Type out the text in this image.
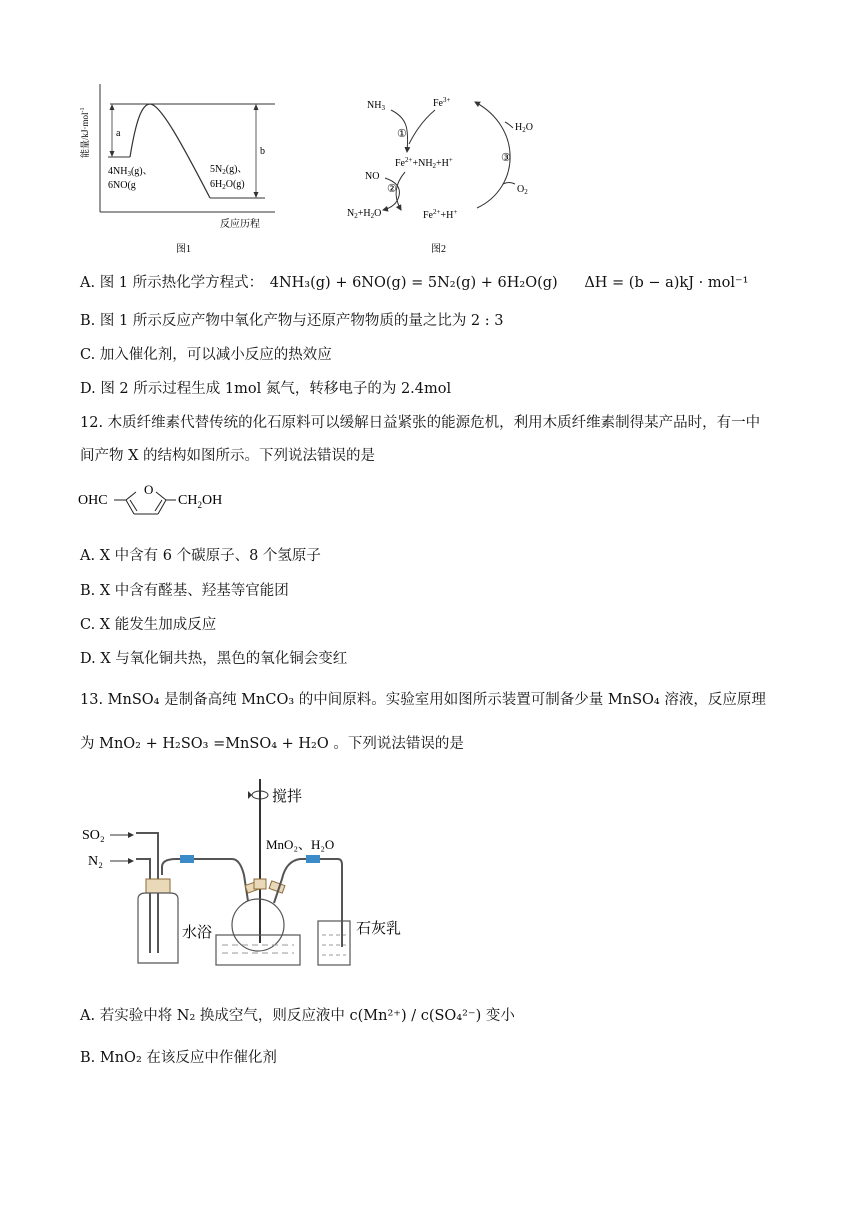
a
b
能量/kJ·mol$^{-1}$
$4NH_3(g)$、
6NO(g
$5N_2(g)$、
$6H_2O(g)$
反应历程
图1
$NH_3$	$Fe^{3+}$
①
$Fe^{2+}+NH_2+H^+$
NO
②
$N_2+H_2O$	$Fe^{2+}+H^+$
$H_2O$
③
$O_2$
图2
A. 图 1 所示热化学方程式： 4NH₃(g) + 6NO(g) = 5N₂(g) + 6H₂O(g) ΔH = (b − a)kJ · mol⁻¹
B. 图 1 所示反应产物中氧化产物与还原产物物质的量之比为 2 : 3
C. 加入催化剂，可以减小反应的热效应
D. 图 2 所示过程生成 1mol 氮气，转移电子的为 2.4mol
12. 木质纤维素代替传统的化石原料可以缓解日益紧张的能源危机，利用木质纤维素制得某产品时，有一中
间产物 X 的结构如图所示。下列说法错误的是
OHC
O
$CH_2OH$
A. X 中含有 6 个碳原子、8 个氢原子
B. X 中含有醛基、羟基等官能团
C. X 能发生加成反应
D. X 与氧化铜共热，黑色的氧化铜会变红
13. MnSO₄ 是制备高纯 MnCO₃ 的中间原料。实验室用如图所示装置可制备少量 MnSO₄ 溶液，反应原理
为 MnO₂ + H₂SO₃ =MnSO₄ + H₂O 。下列说法错误的是
搅拌
SO₂
N₂
MnO₂、H₂O
水浴	石灰乳
A. 若实验中将 N₂ 换成空气，则反应液中 c(Mn²⁺) / c(SO₄²⁻) 变小
B. MnO₂ 在该反应中作催化剂
